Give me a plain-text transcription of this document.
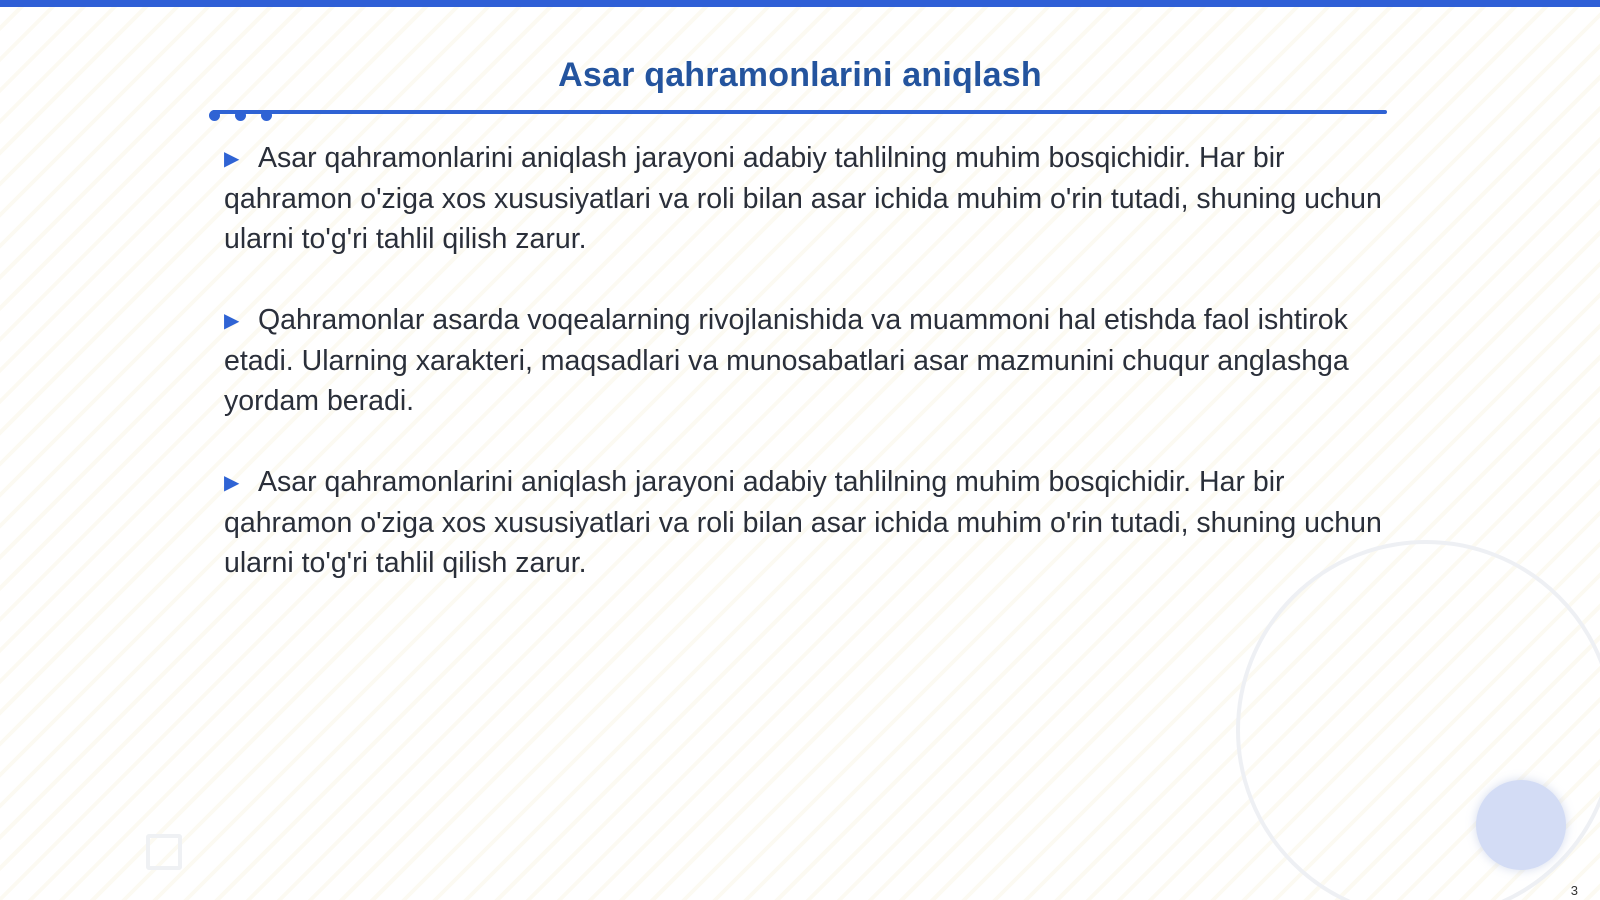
Asar qahramonlarini aniqlash

▶ Asar qahramonlarini aniqlash jarayoni adabiy tahlilning muhim bosqichidir. Har bir qahramon o'ziga xos xususiyatlari va roli bilan asar ichida muhim o'rin tutadi, shuning uchun ularni to'g'ri tahlil qilish zarur.

▶ Qahramonlar asarda voqealarning rivojlanishida va muammoni hal etishda faol ishtirok etadi. Ularning xarakteri, maqsadlari va munosabatlari asar mazmunini chuqur anglashga yordam beradi.

▶ Asar qahramonlarini aniqlash jarayoni adabiy tahlilning muhim bosqichidir. Har bir qahramon o'ziga xos xususiyatlari va roli bilan asar ichida muhim o'rin tutadi, shuning uchun ularni to'g'ri tahlil qilish zarur.

3
